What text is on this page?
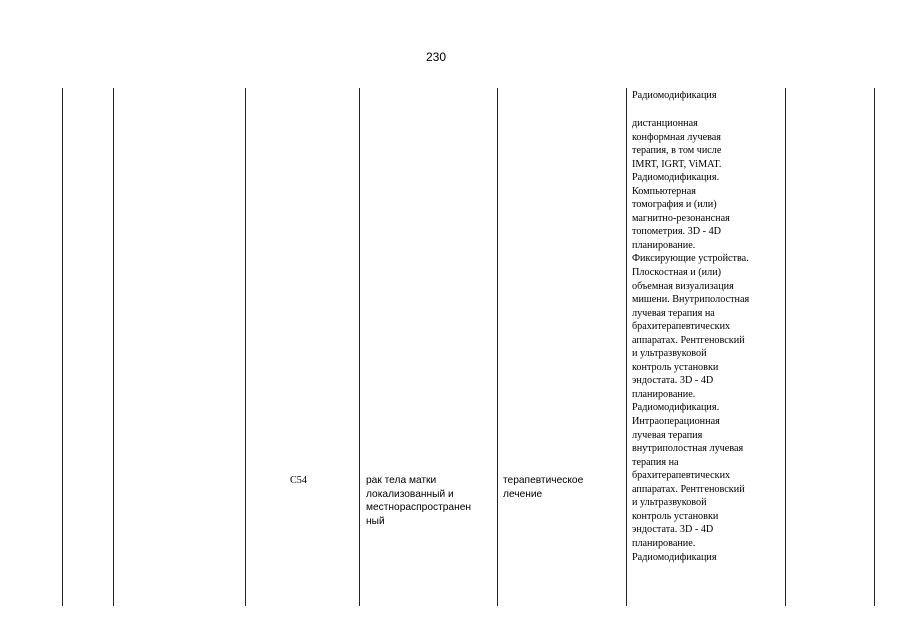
230
C54	рак тела матки
локализованный и
местнораспространен
ный
терапевтическое
лечение
Радиомодификация
дистанционная
конформная лучевая
терапия, в том числе
IMRT, IGRT, ViMAT.
Радиомодификация.
Компьютерная
томография и (или)
магнитно-резонансная
топометрия. 3D - 4D
планирование.
Фиксирующие устройства.
Плоскостная и (или)
объемная визуализация
мишени. Внутриполостная
лучевая терапия на
брахитерапевтических
аппаратах. Рентгеновский
и ультразвуковой
контроль установки
эндостата. 3D - 4D
планирование.
Радиомодификация.
Интраоперационная
лучевая терапия
внутриполостная лучевая
терапия на
брахитерапевтических
аппаратах. Рентгеновский
и ультразвуковой
контроль установки
эндостата. 3D - 4D
планирование.
Радиомодификация
